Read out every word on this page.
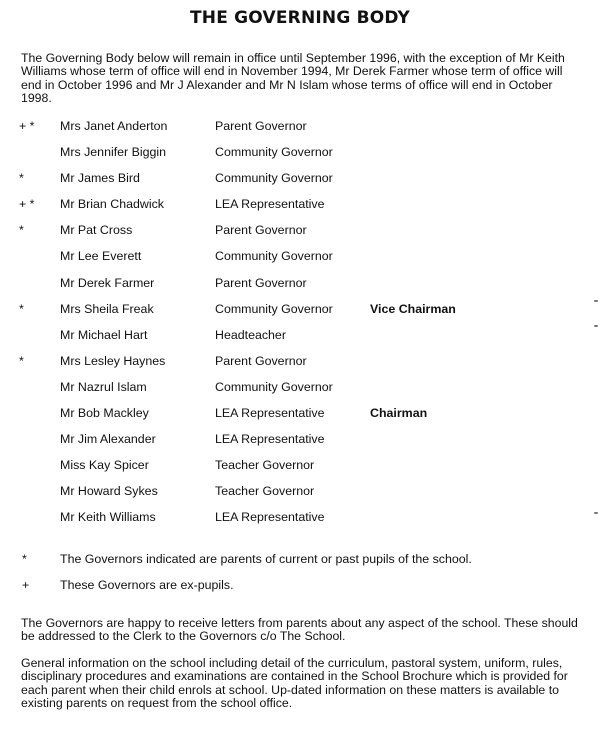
THE GOVERNING BODY
The Governing Body below will remain in office until September 1996, with the exception of Mr Keith Williams whose term of office will end in November 1994, Mr Derek Farmer whose term of office will end in October 1996 and Mr J Alexander and Mr N Islam whose terms of office will end in October 1998.
+ *	Mrs Janet Anderton	Parent Governor
Mrs Jennifer Biggin	Community Governor
*	Mr James Bird	Community Governor
+ *	Mr Brian Chadwick	LEA Representative
*	Mr Pat Cross	Parent Governor
Mr Lee Everett	Community Governor
Mr Derek Farmer	Parent Governor
*	Mrs Sheila Freak	Community Governor	Vice Chairman
Mr Michael Hart	Headteacher
*	Mrs Lesley Haynes	Parent Governor
Mr Nazrul Islam	Community Governor
Mr Bob Mackley	LEA Representative	Chairman
Mr Jim Alexander	LEA Representative
Miss Kay Spicer	Teacher Governor
Mr Howard Sykes	Teacher Governor
Mr Keith Williams	LEA Representative
*	The Governors indicated are parents of current or past pupils of the school.
+ These Governors are ex-pupils.
The Governors are happy to receive letters from parents about any aspect of the school. These should be addressed to the Clerk to the Governors c/o The School.
General information on the school including detail of the curriculum, pastoral system, uniform, rules, disciplinary procedures and examinations are contained in the School Brochure which is provided for each parent when their child enrols at school. Up-dated information on these matters is available to existing parents on request from the school office.
